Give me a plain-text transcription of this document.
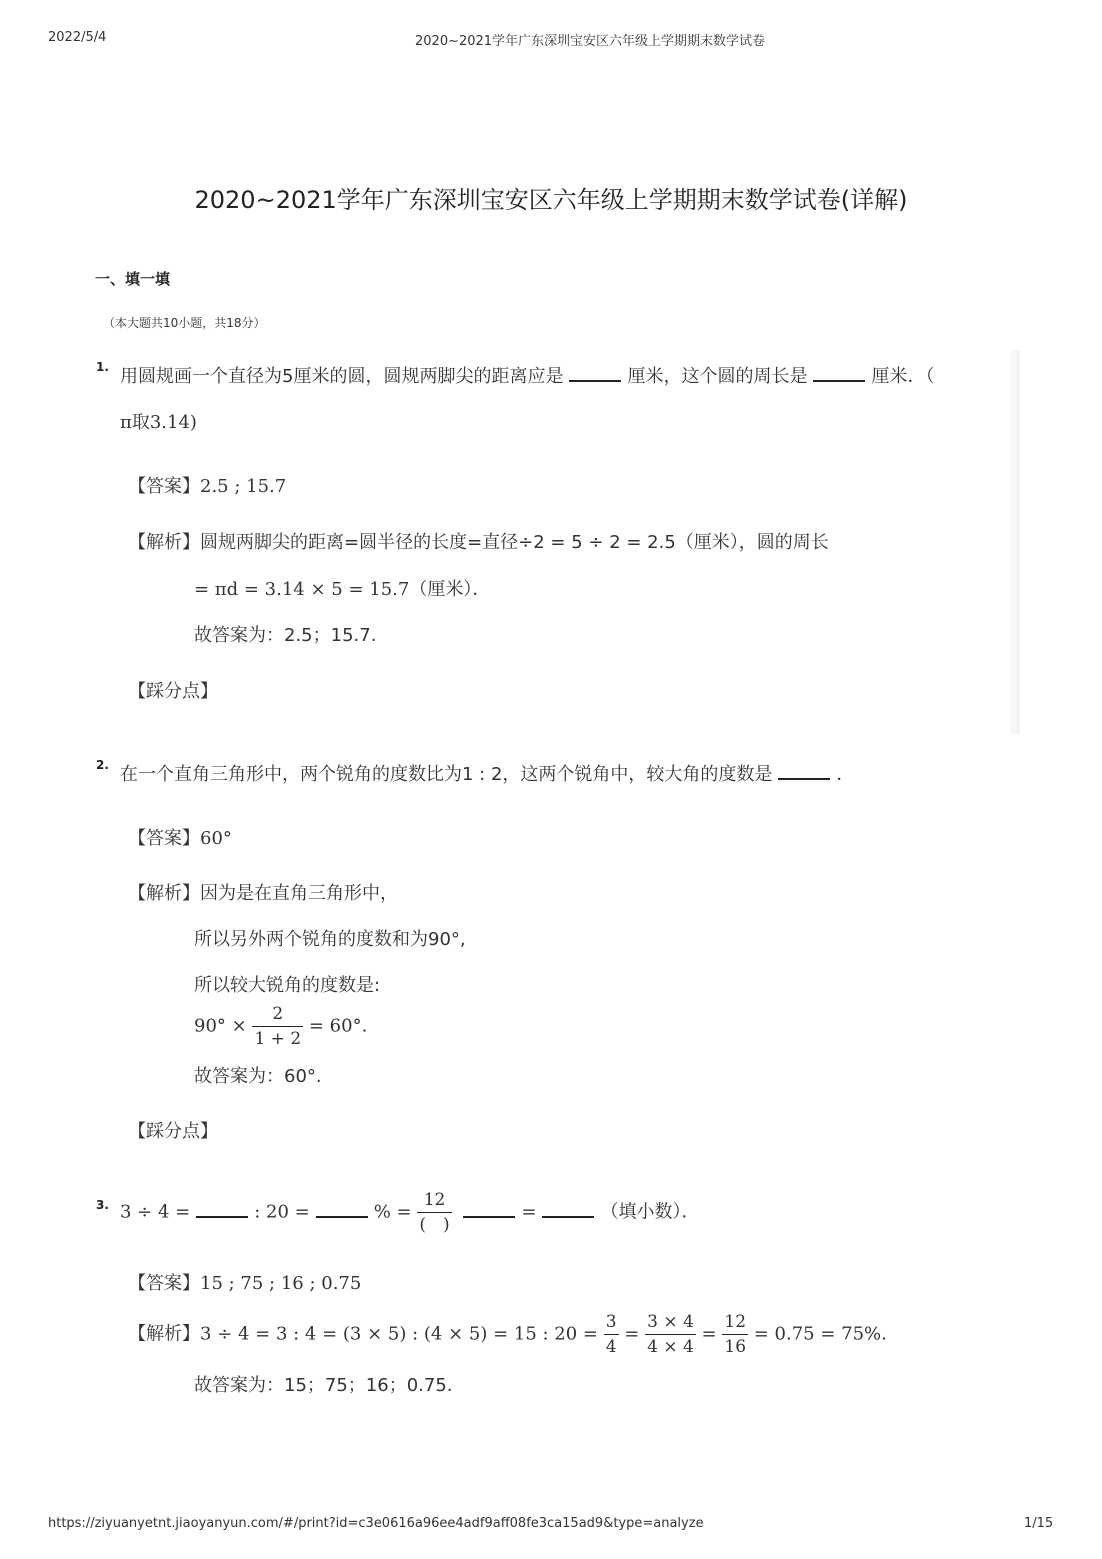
2022/5/4	2020~2021学年广东深圳宝安区六年级上学期期末数学试卷
2020~2021学年广东深圳宝安区六年级上学期期末数学试卷(详解)
一、填一填
（本大题共10小题，共18分）
1. 用圆规画一个直径为5厘米的圆，圆规两脚尖的距离应是	厘米，这个圆的周长是	厘米．（
π取3.14)
【答案】2.5 ; 15.7
【解析】圆规两脚尖的距离=圆半径的长度=直径÷2 = 5 ÷ 2 = 2.5（厘米），圆的周长
= πd = 3.14 × 5 = 15.7（厘米）．
故答案为：2.5；15.7.
【踩分点】
2. 在一个直角三角形中，两个锐角的度数比为1 : 2，这两个锐角中，较大角的度数是	．
【答案】60°
【解析】因为是在直角三角形中，
所以另外两个锐角的度数和为90°,
所以较大锐角的度数是:
$90^\circ \times \frac{2}{1 + 2} = 60^\circ$.
故答案为：60°.
【踩分点】
3. 3 ÷ 4 =	: 20 =	% = $\frac{12}{( )}$	=	（填小数）．
【答案】15 ; 75 ; 16 ; 0.75
【解析】3 ÷ 4 = 3 : 4 = (3 × 5) : (4 × 5) = 15 : $20 = \frac{3}{4} = \frac{3 \times 4}{4 \times 4} = \frac{12}{16} = 0.75 = 75\%$.
故答案为：15；75；16；0.75.
https://ziyuanyetnt.jiaoyanyun.com/#/print?id=c3e0616a96ee4adf9aff08fe3ca15ad9&type=analyze	1/15
